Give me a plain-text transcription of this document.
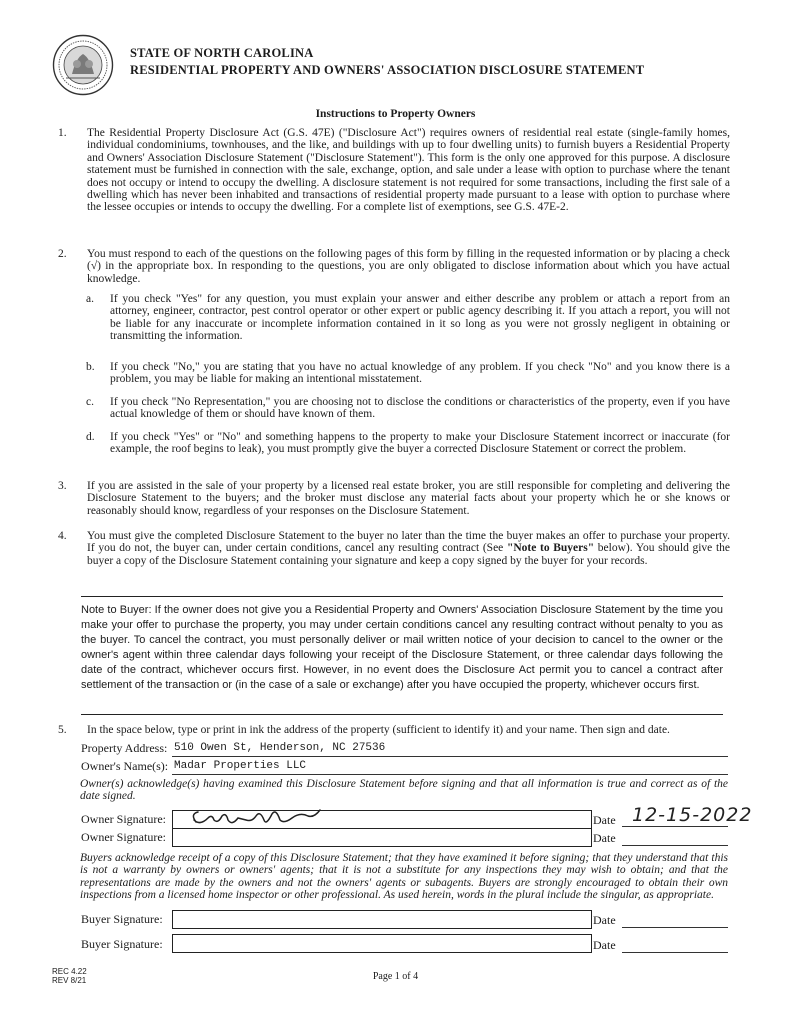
STATE OF NORTH CAROLINA
RESIDENTIAL PROPERTY AND OWNERS' ASSOCIATION DISCLOSURE STATEMENT
Instructions to Property Owners
1. The Residential Property Disclosure Act (G.S. 47E) ("Disclosure Act") requires owners of residential real estate (single-family homes, individual condominiums, townhouses, and the like, and buildings with up to four dwelling units) to furnish buyers a Residential Property and Owners' Association Disclosure Statement ("Disclosure Statement"). This form is the only one approved for this purpose. A disclosure statement must be furnished in connection with the sale, exchange, option, and sale under a lease with option to purchase where the tenant does not occupy or intend to occupy the dwelling. A disclosure statement is not required for some transactions, including the first sale of a dwelling which has never been inhabited and transactions of residential property made pursuant to a lease with option to purchase where the lessee occupies or intends to occupy the dwelling. For a complete list of exemptions, see G.S. 47E-2.
2. You must respond to each of the questions on the following pages of this form by filling in the requested information or by placing a check (√) in the appropriate box. In responding to the questions, you are only obligated to disclose information about which you have actual knowledge.
a. If you check "Yes" for any question, you must explain your answer and either describe any problem or attach a report from an attorney, engineer, contractor, pest control operator or other expert or public agency describing it. If you attach a report, you will not be liable for any inaccurate or incomplete information contained in it so long as you were not grossly negligent in obtaining or transmitting the information.
b. If you check "No," you are stating that you have no actual knowledge of any problem. If you check "No" and you know there is a problem, you may be liable for making an intentional misstatement.
c. If you check "No Representation," you are choosing not to disclose the conditions or characteristics of the property, even if you have actual knowledge of them or should have known of them.
d. If you check "Yes" or "No" and something happens to the property to make your Disclosure Statement incorrect or inaccurate (for example, the roof begins to leak), you must promptly give the buyer a corrected Disclosure Statement or correct the problem.
3. If you are assisted in the sale of your property by a licensed real estate broker, you are still responsible for completing and delivering the Disclosure Statement to the buyers; and the broker must disclose any material facts about your property which he or she knows or reasonably should know, regardless of your responses on the Disclosure Statement.
4. You must give the completed Disclosure Statement to the buyer no later than the time the buyer makes an offer to purchase your property. If you do not, the buyer can, under certain conditions, cancel any resulting contract (See "Note to Buyers" below). You should give the buyer a copy of the Disclosure Statement containing your signature and keep a copy signed by the buyer for your records.
Note to Buyer: If the owner does not give you a Residential Property and Owners' Association Disclosure Statement by the time you make your offer to purchase the property, you may under certain conditions cancel any resulting contract without penalty to you as the buyer. To cancel the contract, you must personally deliver or mail written notice of your decision to cancel to the owner or the owner's agent within three calendar days following your receipt of the Disclosure Statement, or three calendar days following the date of the contract, whichever occurs first. However, in no event does the Disclosure Act permit you to cancel a contract after settlement of the transaction or (in the case of a sale or exchange) after you have occupied the property, whichever occurs first.
5. In the space below, type or print in ink the address of the property (sufficient to identify it) and your name. Then sign and date.
Property Address: 510 Owen St, Henderson, NC 27536
Owner's Name(s): Madar Properties LLC
Owner(s) acknowledge(s) having examined this Disclosure Statement before signing and that all information is true and correct as of the date signed.
Owner Signature:	Date 12-15-2022
Owner Signature:	Date
Buyers acknowledge receipt of a copy of this Disclosure Statement; that they have examined it before signing; that they understand that this is not a warranty by owners or owners' agents; that it is not a substitute for any inspections they may wish to obtain; and that the representations are made by the owners and not the owners' agents or subagents. Buyers are strongly encouraged to obtain their own inspections from a licensed home inspector or other professional. As used herein, words in the plural include the singular, as appropriate.
Buyer Signature:	Date
Buyer Signature:	Date
REC 4.22
REV 8/21	Page 1 of 4
